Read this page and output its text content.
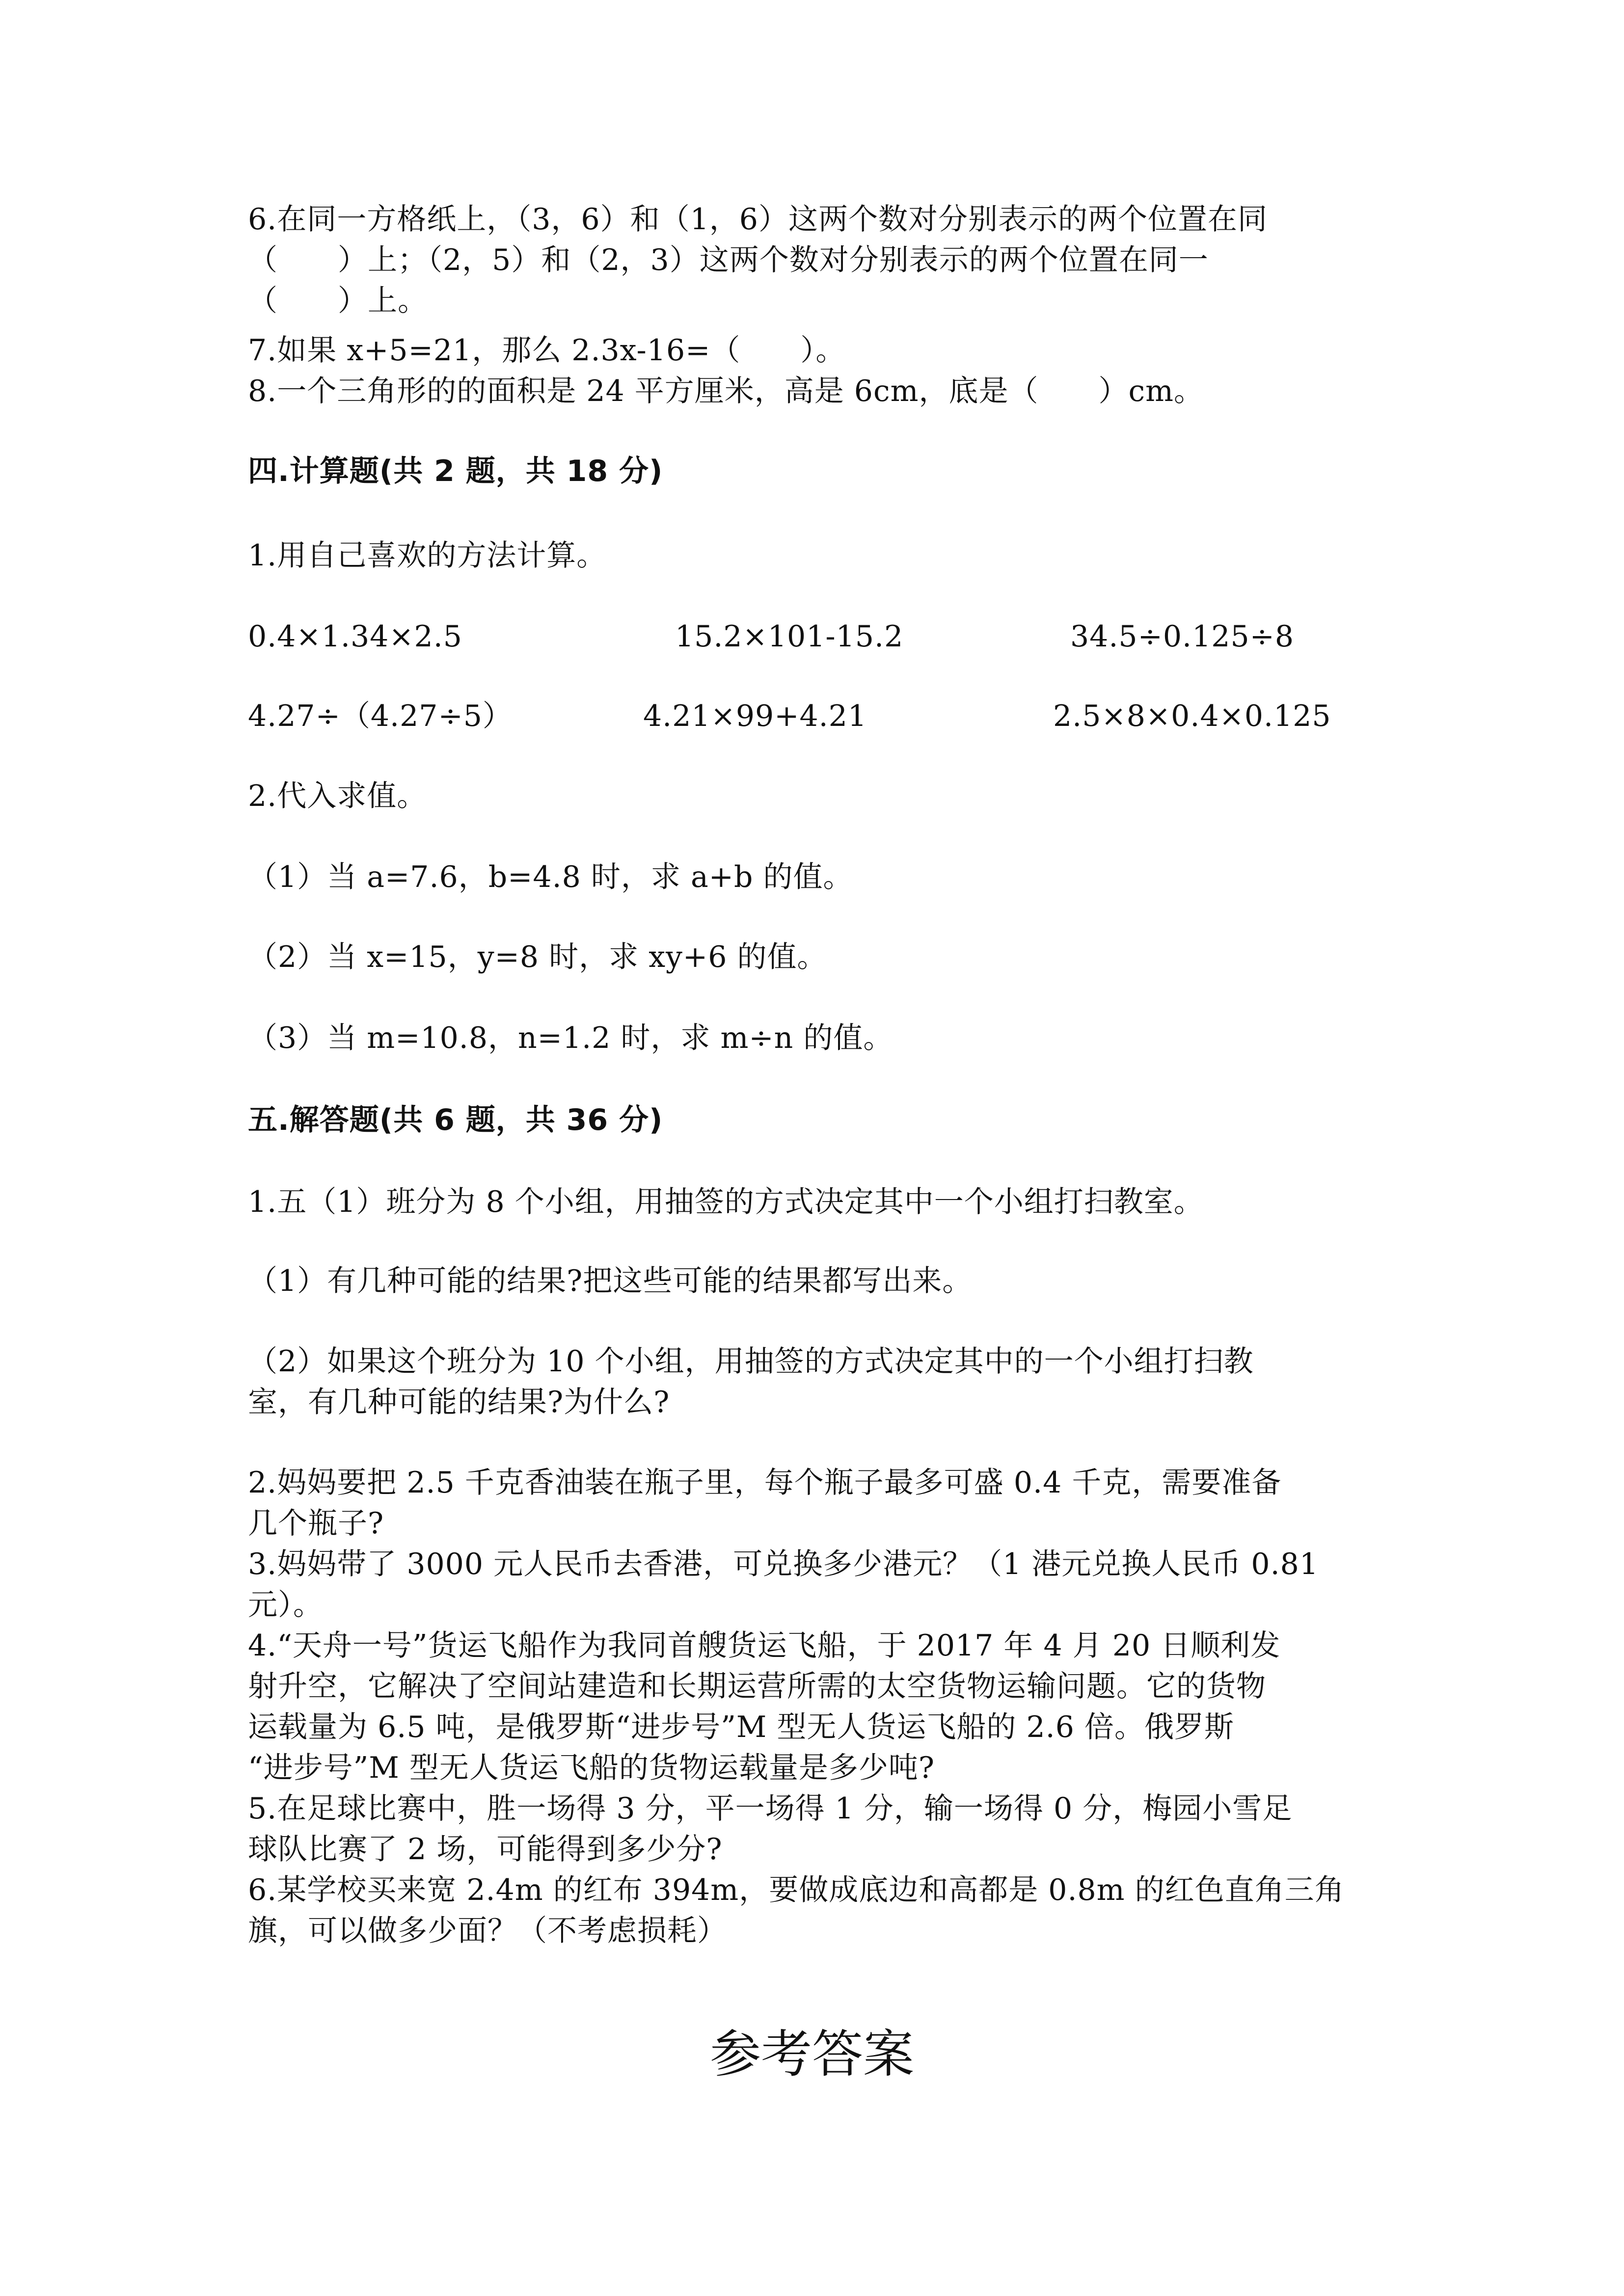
6.在同一方格纸上，（3，6）和（1，6）这两个数对分别表示的两个位置在同

（　　）上；（2，5）和（2，3）这两个数对分别表示的两个位置在同一

（　　）上。

7.如果 x+5=21，那么 2.3x-16=（　　）。

8.一个三角形的的面积是 24 平方厘米，高是 6cm，底是（　　）cm。

四.计算题(共 2 题，共 18 分)

1.用自己喜欢的方法计算。

0.4×1.34×2.5	15.2×101-15.2	34.5÷0.125÷8

4.27÷（4.27÷5）	4.21×99+4.21	2.5×8×0.4×0.125

2.代入求值。

（1）当 a=7.6，b=4.8 时，求 a+b 的值。

（2）当 x=15，y=8 时，求 xy+6 的值。

（3）当 m=10.8，n=1.2 时，求 m÷n 的值。

五.解答题(共 6 题，共 36 分)

1.五（1）班分为 8 个小组，用抽签的方式决定其中一个小组打扫教室。

（1）有几种可能的结果?把这些可能的结果都写出来。

（2）如果这个班分为 10 个小组，用抽签的方式决定其中的一个小组打扫教

室，有几种可能的结果?为什么?

2.妈妈要把 2.5 千克香油装在瓶子里，每个瓶子最多可盛 0.4 千克，需要准备

几个瓶子?

3.妈妈带了 3000 元人民币去香港，可兑换多少港元？（1 港元兑换人民币 0.81

元）。

4.“天舟一号”货运飞船作为我同首艘货运飞船，于 2017 年 4 月 20 日顺利发

射升空，它解决了空间站建造和长期运营所需的太空货物运输问题。它的货物

运载量为 6.5 吨，是俄罗斯“进步号”M 型无人货运飞船的 2.6 倍。俄罗斯

“进步号”M 型无人货运飞船的货物运载量是多少吨?

5.在足球比赛中，胜一场得 3 分，平一场得 1 分，输一场得 0 分，梅园小雪足

球队比赛了 2 场，可能得到多少分?

6.某学校买来宽 2.4m 的红布 394m，要做成底边和高都是 0.8m 的红色直角三角

旗，可以做多少面？（不考虑损耗）

参考答案
